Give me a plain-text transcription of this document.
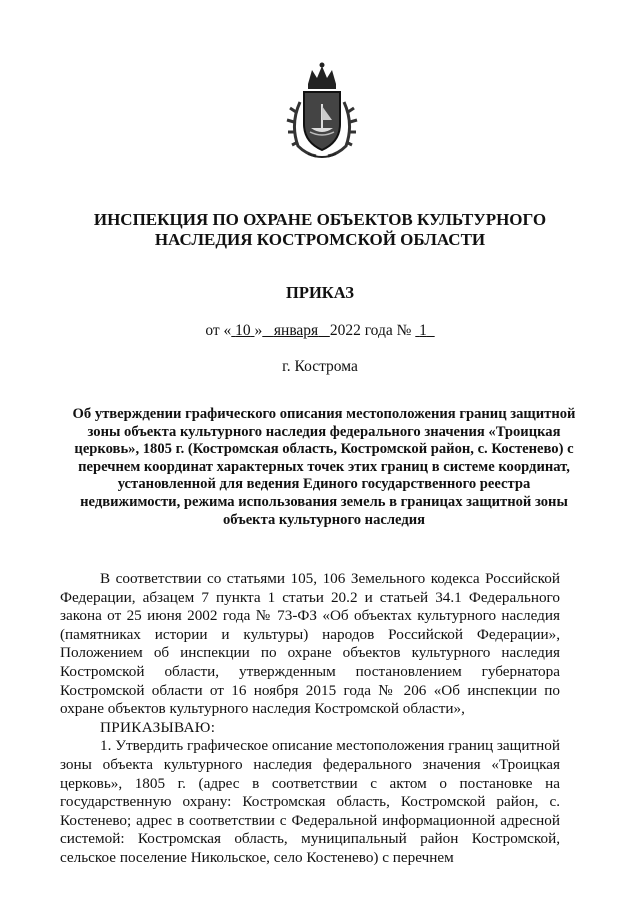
ИНСПЕКЦИЯ ПО ОХРАНЕ ОБЪЕКТОВ КУЛЬТУРНОГО НАСЛЕДИЯ КОСТРОМСКОЙ ОБЛАСТИ
ПРИКАЗ
от « 10 » января 2022 года № 1
г. Кострома
Об утверждении графического описания местоположения границ защитной зоны объекта культурного наследия федерального значения «Троицкая церковь», 1805 г. (Костромская область, Костромской район, с. Костенево) с перечнем координат характерных точек этих границ в системе координат, установленной для ведения Единого государственного реестра недвижимости, режима использования земель в границах защитной зоны объекта культурного наследия

В соответствии со статьями 105, 106 Земельного кодекса Российской Федерации, абзацем 7 пункта 1 статьи 20.2 и статьей 34.1 Федерального закона от 25 июня 2002 года № 73-ФЗ «Об объектах культурного наследия (памятниках истории и культуры) народов Российской Федерации», Положением об инспекции по охране объектов культурного наследия Костромской области, утвержденным постановлением губернатора Костромской области от 16 ноября 2015 года № 206 «Об инспекции по охране объектов культурного наследия Костромской области»,

ПРИКАЗЫВАЮ:

1. Утвердить графическое описание местоположения границ защитной зоны объекта культурного наследия федерального значения «Троицкая церковь», 1805 г. (адрес в соответствии с актом о постановке на государственную охрану: Костромская область, Костромской район, с. Костенево; адрес в соответствии с Федеральной информационной адресной системой: Костромская область, муниципальный район Костромской, сельское поселение Никольское, село Костенево) с перечнем
